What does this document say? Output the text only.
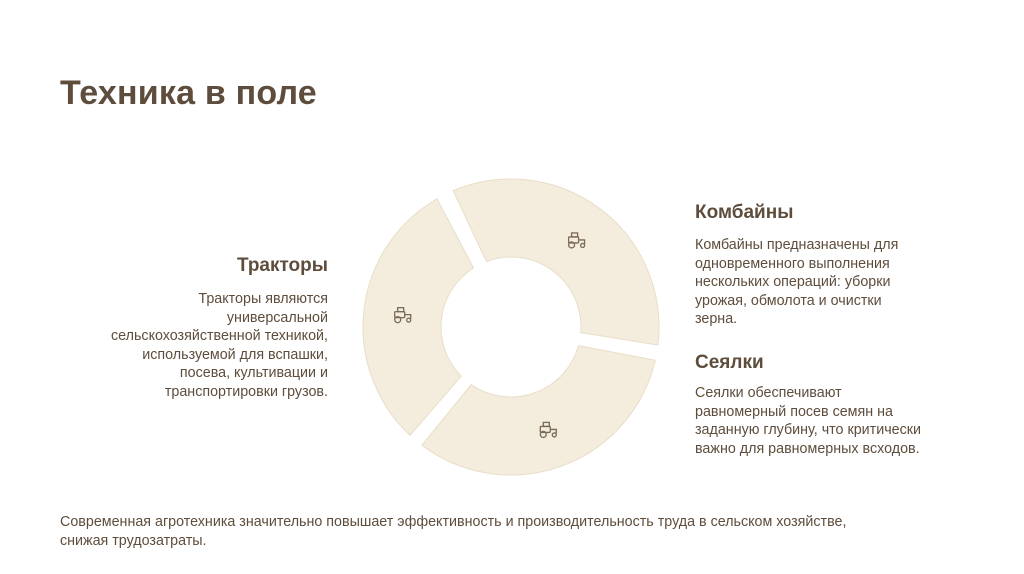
Техника в поле
Тракторы

Тракторы являются
универсальной
сельскохозяйственной техникой,
используемой для вспашки,
посева, культивации и
транспортировки грузов.

Комбайны

Комбайны предназначены для
одновременного выполнения
нескольких операций: уборки
урожая, обмолота и очистки
зерна.

Сеялки

Сеялки обеспечивают
равномерный посев семян на
заданную глубину, что критически
важно для равномерных всходов.

Современная агротехника значительно повышает эффективность и производительность труда в сельском хозяйстве,
снижая трудозатраты.
